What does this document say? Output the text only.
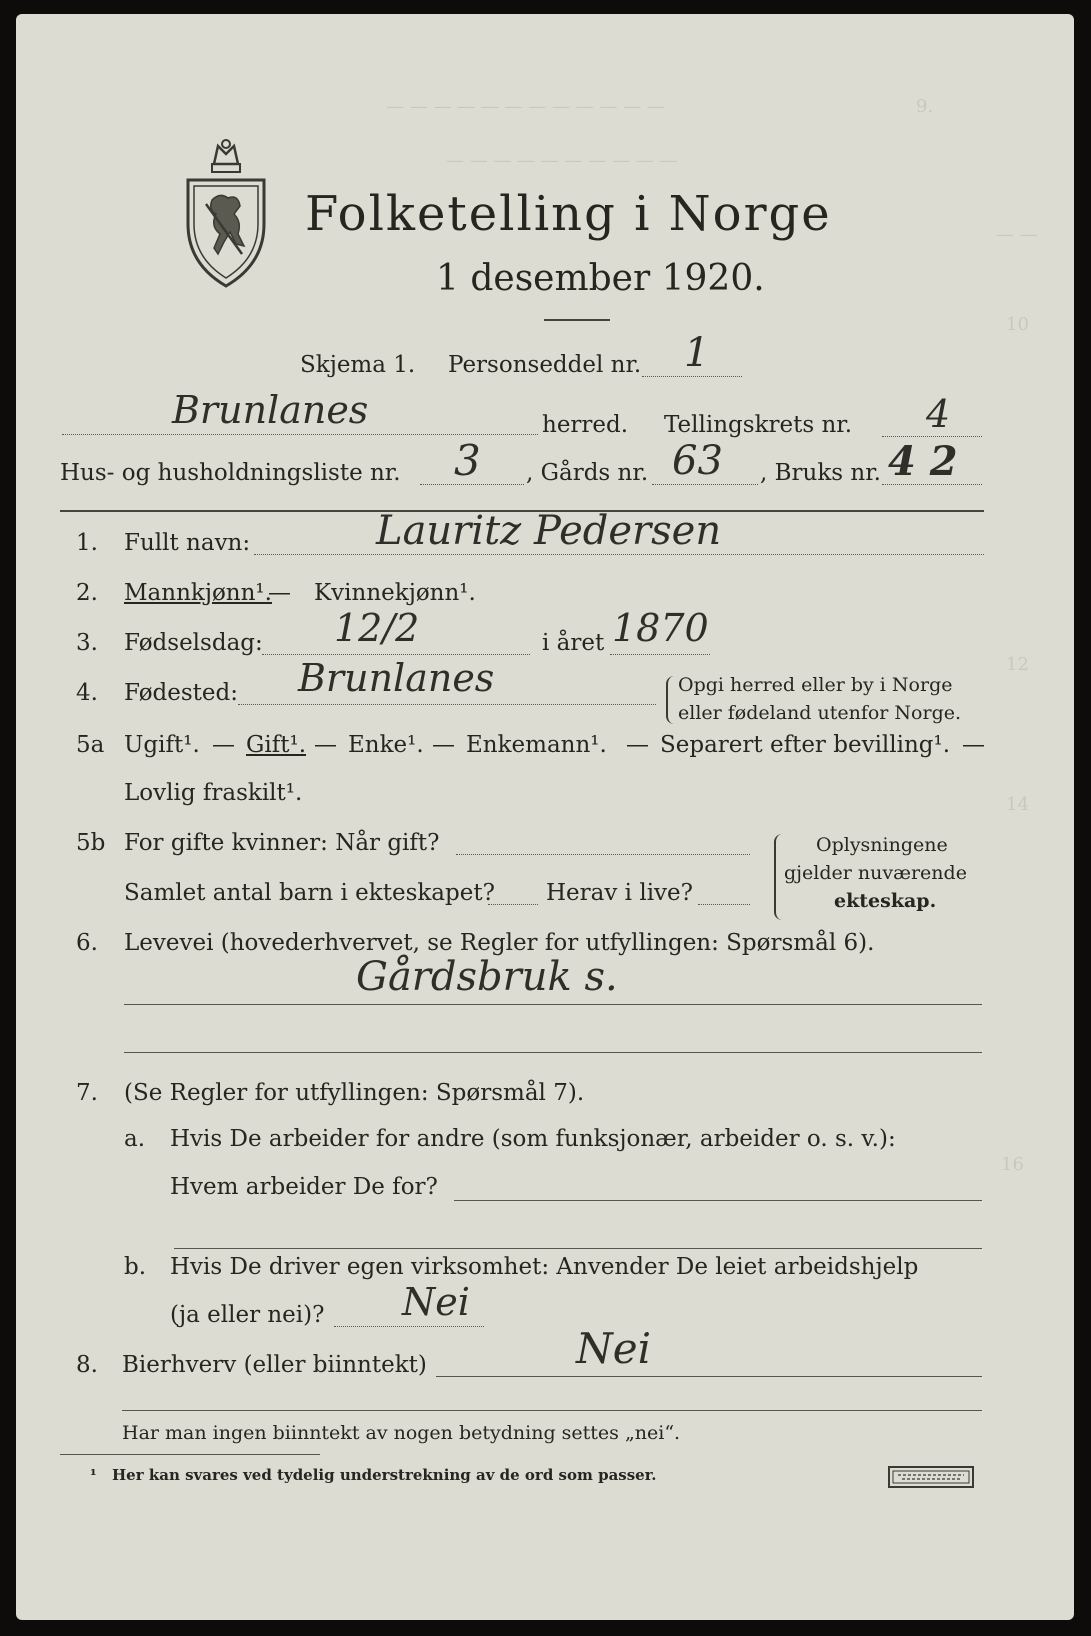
— — — — — — — — — — — —	9.
— — — — — — — — — —
— —
10
12
14
16
Folketelling i Norge
1 desember 1920.
Skjema 1. Personseddel nr. 1
Brunlanes	herred. Tellingskrets nr. 4
Hus- og husholdningsliste nr. 3 , Gårds nr. 63 , Bruks nr. 4 2
1. Fullt navn:	Lauritz Pedersen
2. Mannkjønn¹.
— Kvinnekjønn¹.
3. Fødselsdag: 12/2	i året 1870
4. Fødested: Brunlanes	Opgi herred eller by i Norge
eller fødeland utenfor Norge.
5a Ugift¹. — Gift¹. — Enke¹. — Enkemann¹. — Separert efter bevilling¹. —
Lovlig fraskilt¹.
5b For gifte kvinner: Når gift?
Samlet antal barn i ekteskapet? Herav i live?
Oplysningene
gjelder nuværende
ekteskap.
6. Levevei (hovederhvervet, se Regler for utfyllingen: Spørsmål 6).
Gårdsbruk s.
7. (Se Regler for utfyllingen: Spørsmål 7).
a. Hvis De arbeider for andre (som funksjonær, arbeider o. s. v.):
Hvem arbeider De for?
b. Hvis De driver egen virksomhet: Anvender De leiet arbeidshjelp
(ja eller nei)? Nei
8. Bierhverv (eller biinntekt)	Nei
Har man ingen biinntekt av nogen betydning settes „nei“.
¹ Her kan svares ved tydelig understrekning av de ord som passer.
